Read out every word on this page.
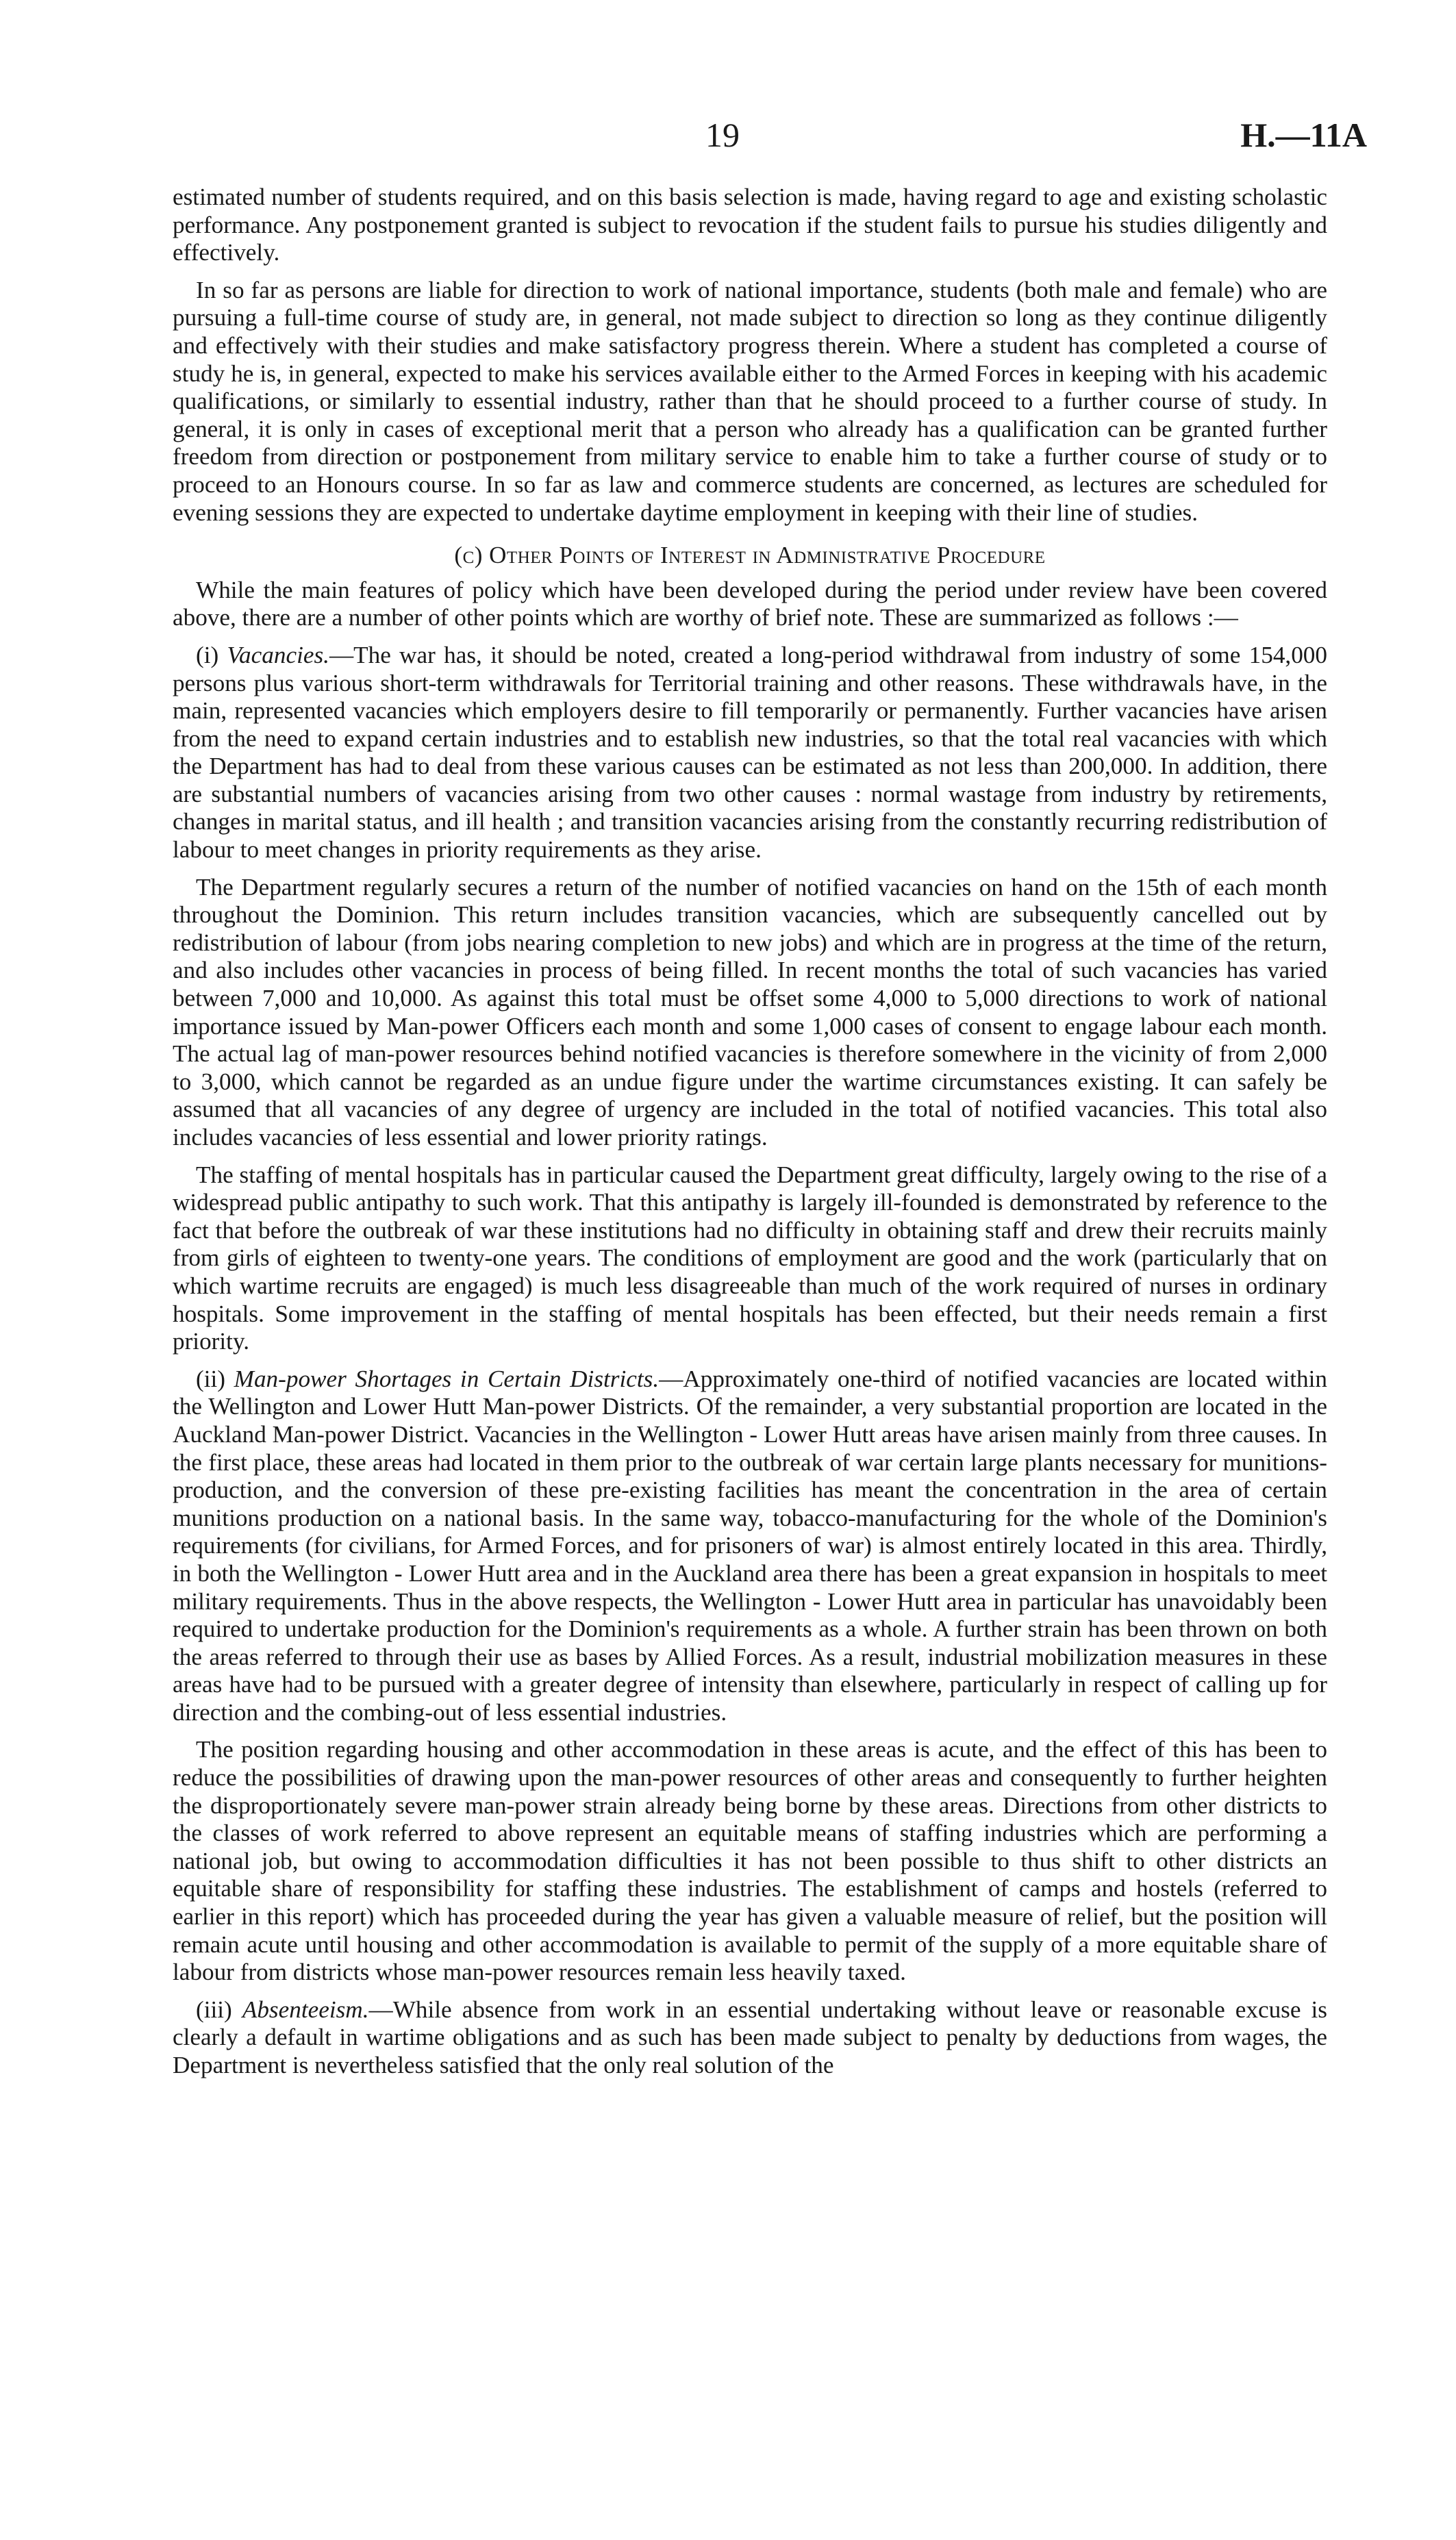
19	H.—11A

estimated number of students required, and on this basis selection is made, having regard to age and existing scholastic performance. Any postponement granted is subject to revocation if the student fails to pursue his studies diligently and effectively.

In so far as persons are liable for direction to work of national importance, students (both male and female) who are pursuing a full-time course of study are, in general, not made subject to direction so long as they continue diligently and effectively with their studies and make satisfactory progress therein. Where a student has completed a course of study he is, in general, expected to make his services available either to the Armed Forces in keeping with his academic qualifications, or similarly to essential industry, rather than that he should proceed to a further course of study. In general, it is only in cases of exceptional merit that a person who already has a qualification can be granted further freedom from direction or postponement from military service to enable him to take a further course of study or to proceed to an Honours course. In so far as law and commerce students are concerned, as lectures are scheduled for evening sessions they are expected to undertake daytime employment in keeping with their line of studies.

(c) Other Points of Interest in Administrative Procedure

While the main features of policy which have been developed during the period under review have been covered above, there are a number of other points which are worthy of brief note. These are summarized as follows :—

(i) Vacancies.—The war has, it should be noted, created a long-period withdrawal from industry of some 154,000 persons plus various short-term withdrawals for Territorial training and other reasons. These withdrawals have, in the main, represented vacancies which employers desire to fill temporarily or permanently. Further vacancies have arisen from the need to expand certain industries and to establish new industries, so that the total real vacancies with which the Department has had to deal from these various causes can be estimated as not less than 200,000. In addition, there are substantial numbers of vacancies arising from two other causes : normal wastage from industry by retirements, changes in marital status, and ill health ; and transition vacancies arising from the constantly recurring redistribution of labour to meet changes in priority requirements as they arise.

The Department regularly secures a return of the number of notified vacancies on hand on the 15th of each month throughout the Dominion. This return includes transition vacancies, which are subsequently cancelled out by redistribution of labour (from jobs nearing completion to new jobs) and which are in progress at the time of the return, and also includes other vacancies in process of being filled. In recent months the total of such vacancies has varied between 7,000 and 10,000. As against this total must be offset some 4,000 to 5,000 directions to work of national importance issued by Man-power Officers each month and some 1,000 cases of consent to engage labour each month. The actual lag of man-power resources behind notified vacancies is therefore somewhere in the vicinity of from 2,000 to 3,000, which cannot be regarded as an undue figure under the wartime circumstances existing. It can safely be assumed that all vacancies of any degree of urgency are included in the total of notified vacancies. This total also includes vacancies of less essential and lower priority ratings.

The staffing of mental hospitals has in particular caused the Department great difficulty, largely owing to the rise of a widespread public antipathy to such work. That this antipathy is largely ill-founded is demonstrated by reference to the fact that before the outbreak of war these institutions had no difficulty in obtaining staff and drew their recruits mainly from girls of eighteen to twenty-one years. The conditions of employment are good and the work (particularly that on which wartime recruits are engaged) is much less disagreeable than much of the work required of nurses in ordinary hospitals. Some improvement in the staffing of mental hospitals has been effected, but their needs remain a first priority.

(ii) Man-power Shortages in Certain Districts.—Approximately one-third of notified vacancies are located within the Wellington and Lower Hutt Man-power Districts. Of the remainder, a very substantial proportion are located in the Auckland Man-power District. Vacancies in the Wellington - Lower Hutt areas have arisen mainly from three causes. In the first place, these areas had located in them prior to the outbreak of war certain large plants necessary for munitions-production, and the conversion of these pre-existing facilities has meant the concentration in the area of certain munitions production on a national basis. In the same way, tobacco-manufacturing for the whole of the Dominion's requirements (for civilians, for Armed Forces, and for prisoners of war) is almost entirely located in this area. Thirdly, in both the Wellington - Lower Hutt area and in the Auckland area there has been a great expansion in hospitals to meet military requirements. Thus in the above respects, the Wellington - Lower Hutt area in particular has unavoidably been required to undertake production for the Dominion's requirements as a whole. A further strain has been thrown on both the areas referred to through their use as bases by Allied Forces. As a result, industrial mobilization measures in these areas have had to be pursued with a greater degree of intensity than elsewhere, particularly in respect of calling up for direction and the combing-out of less essential industries.

The position regarding housing and other accommodation in these areas is acute, and the effect of this has been to reduce the possibilities of drawing upon the man-power resources of other areas and consequently to further heighten the disproportionately severe man-power strain already being borne by these areas. Directions from other districts to the classes of work referred to above represent an equitable means of staffing industries which are performing a national job, but owing to accommodation difficulties it has not been possible to thus shift to other districts an equitable share of responsibility for staffing these industries. The establishment of camps and hostels (referred to earlier in this report) which has proceeded during the year has given a valuable measure of relief, but the position will remain acute until housing and other accommodation is available to permit of the supply of a more equitable share of labour from districts whose man-power resources remain less heavily taxed.

(iii) Absenteeism.—While absence from work in an essential undertaking without leave or reasonable excuse is clearly a default in wartime obligations and as such has been made subject to penalty by deductions from wages, the Department is nevertheless satisfied that the only real solution of the
